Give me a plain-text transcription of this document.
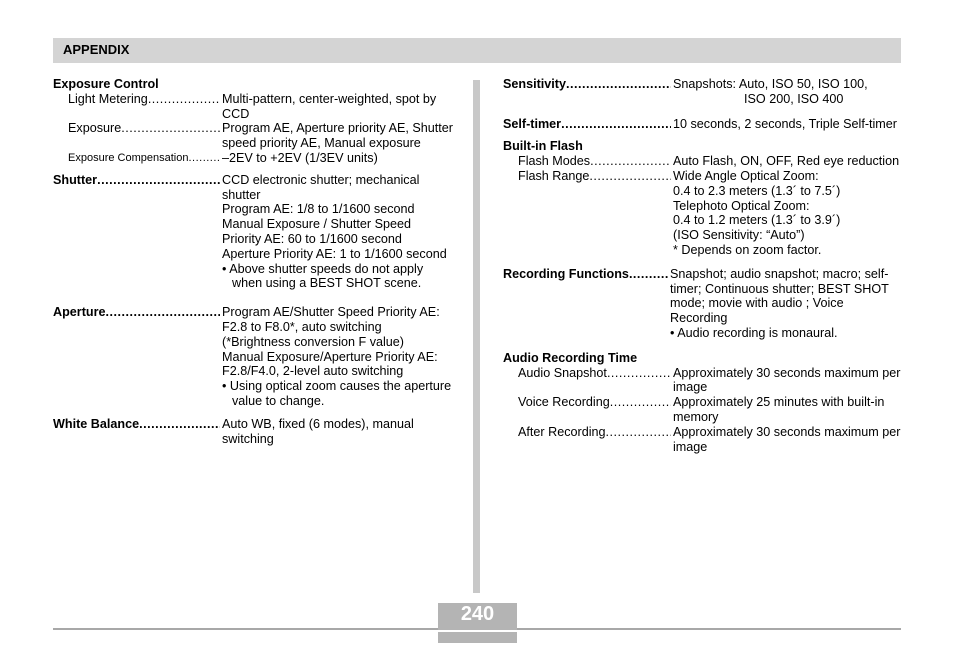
APPENDIX
Exposure Control
Light Metering .....	Multi-pattern, center-weighted, spot by CCD
Exposure .....	Program AE, Aperture priority AE, Shutter speed priority AE, Manual exposure
Exposure Compensation .....	–2EV to +2EV (1/3EV units)
Shutter .....	CCD electronic shutter; mechanical shutter
Program AE: 1/8 to 1/1600 second
Manual Exposure / Shutter Speed Priority AE: 60 to 1/1600 second
Aperture Priority AE: 1 to 1/1600 second
• Above shutter speeds do not apply when using a BEST SHOT scene.
Aperture .....	Program AE/Shutter Speed Priority AE: F2.8 to F8.0*, auto switching
(*Brightness conversion F value)
Manual Exposure/Aperture Priority AE: F2.8/F4.0, 2-level auto switching
• Using optical zoom causes the aperture value to change.
White Balance .....	Auto WB, fixed (6 modes), manual switching
Sensitivity .....	Snapshots: Auto, ISO 50, ISO 100,
ISO 200, ISO 400
Self-timer .....	10 seconds, 2 seconds, Triple Self-timer
Built-in Flash
Flash Modes .....	Auto Flash, ON, OFF, Red eye reduction
Flash Range .....	Wide Angle Optical Zoom:
0.4 to 2.3 meters (1.3´ to 7.5´)
Telephoto Optical Zoom:
0.4 to 1.2 meters (1.3´ to 3.9´)
(ISO Sensitivity: “Auto”)
* Depends on zoom factor.
Recording Functions .....	Snapshot; audio snapshot; macro; self-timer; Continuous shutter; BEST SHOT mode; movie with audio ; Voice Recording
• Audio recording is monaural.
Audio Recording Time
Audio Snapshot .....	Approximately 30 seconds maximum per image
Voice Recording .....	Approximately 25 minutes with built-in memory
After Recording .....	Approximately 30 seconds maximum per image
240
